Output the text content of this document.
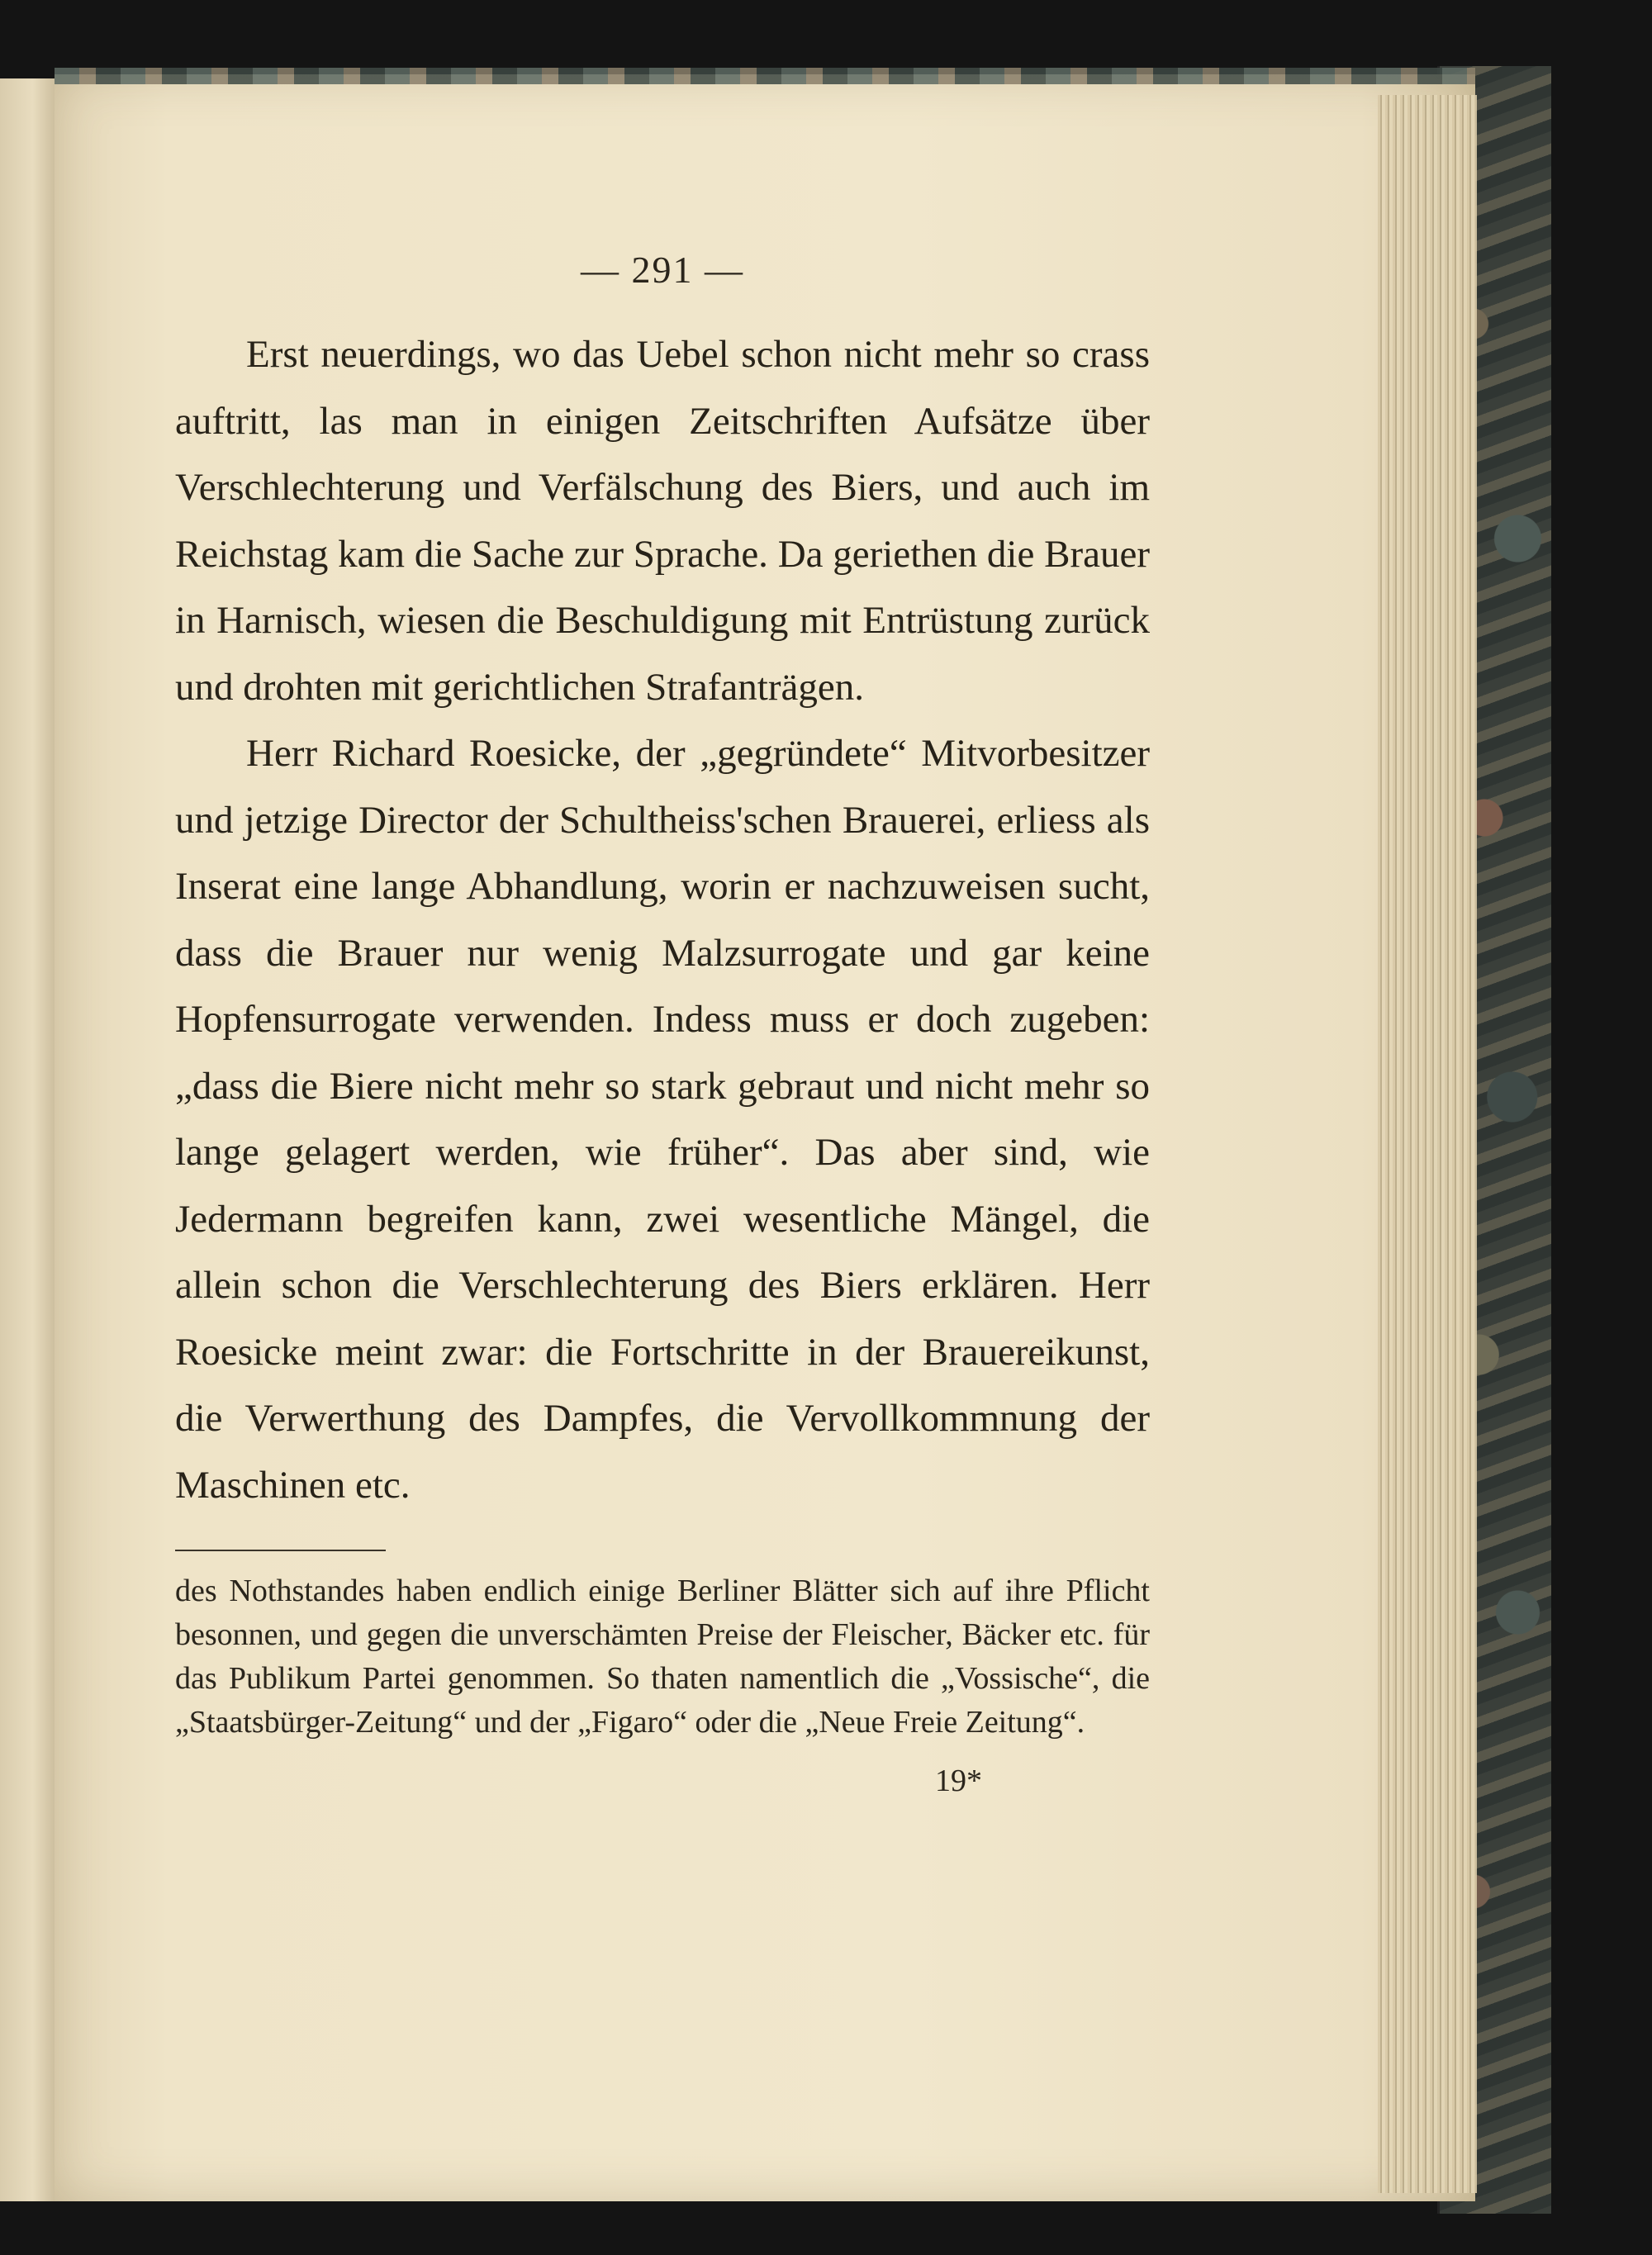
— 291 —

Erst neuerdings, wo das Uebel schon nicht mehr so crass auftritt, las man in einigen Zeitschriften Aufsätze über Verschlechterung und Verfälschung des Biers, und auch im Reichstag kam die Sache zur Sprache. Da geriethen die Brauer in Harnisch, wiesen die Beschuldigung mit Entrüstung zurück und drohten mit gerichtlichen Strafanträgen.

Herr Richard Roesicke, der „gegründete“ Mitvorbesitzer und jetzige Director der Schultheiss'schen Brauerei, erliess als Inserat eine lange Abhandlung, worin er nachzuweisen sucht, dass die Brauer nur wenig Malzsurrogate und gar keine Hopfensurrogate verwenden. Indess muss er doch zugeben: „dass die Biere nicht mehr so stark gebraut und nicht mehr so lange gelagert werden, wie früher“. Das aber sind, wie Jedermann begreifen kann, zwei wesentliche Mängel, die allein schon die Verschlechterung des Biers erklären. Herr Roesicke meint zwar: die Fortschritte in der Brauereikunst, die Verwerthung des Dampfes, die Vervollkommnung der Maschinen etc.

des Nothstandes haben endlich einige Berliner Blätter sich auf ihre Pflicht besonnen, und gegen die unverschämten Preise der Fleischer, Bäcker etc. für das Publikum Partei genommen. So thaten namentlich die „Vossische“, die „Staatsbürger-Zeitung“ und der „Figaro“ oder die „Neue Freie Zeitung“.

19*
